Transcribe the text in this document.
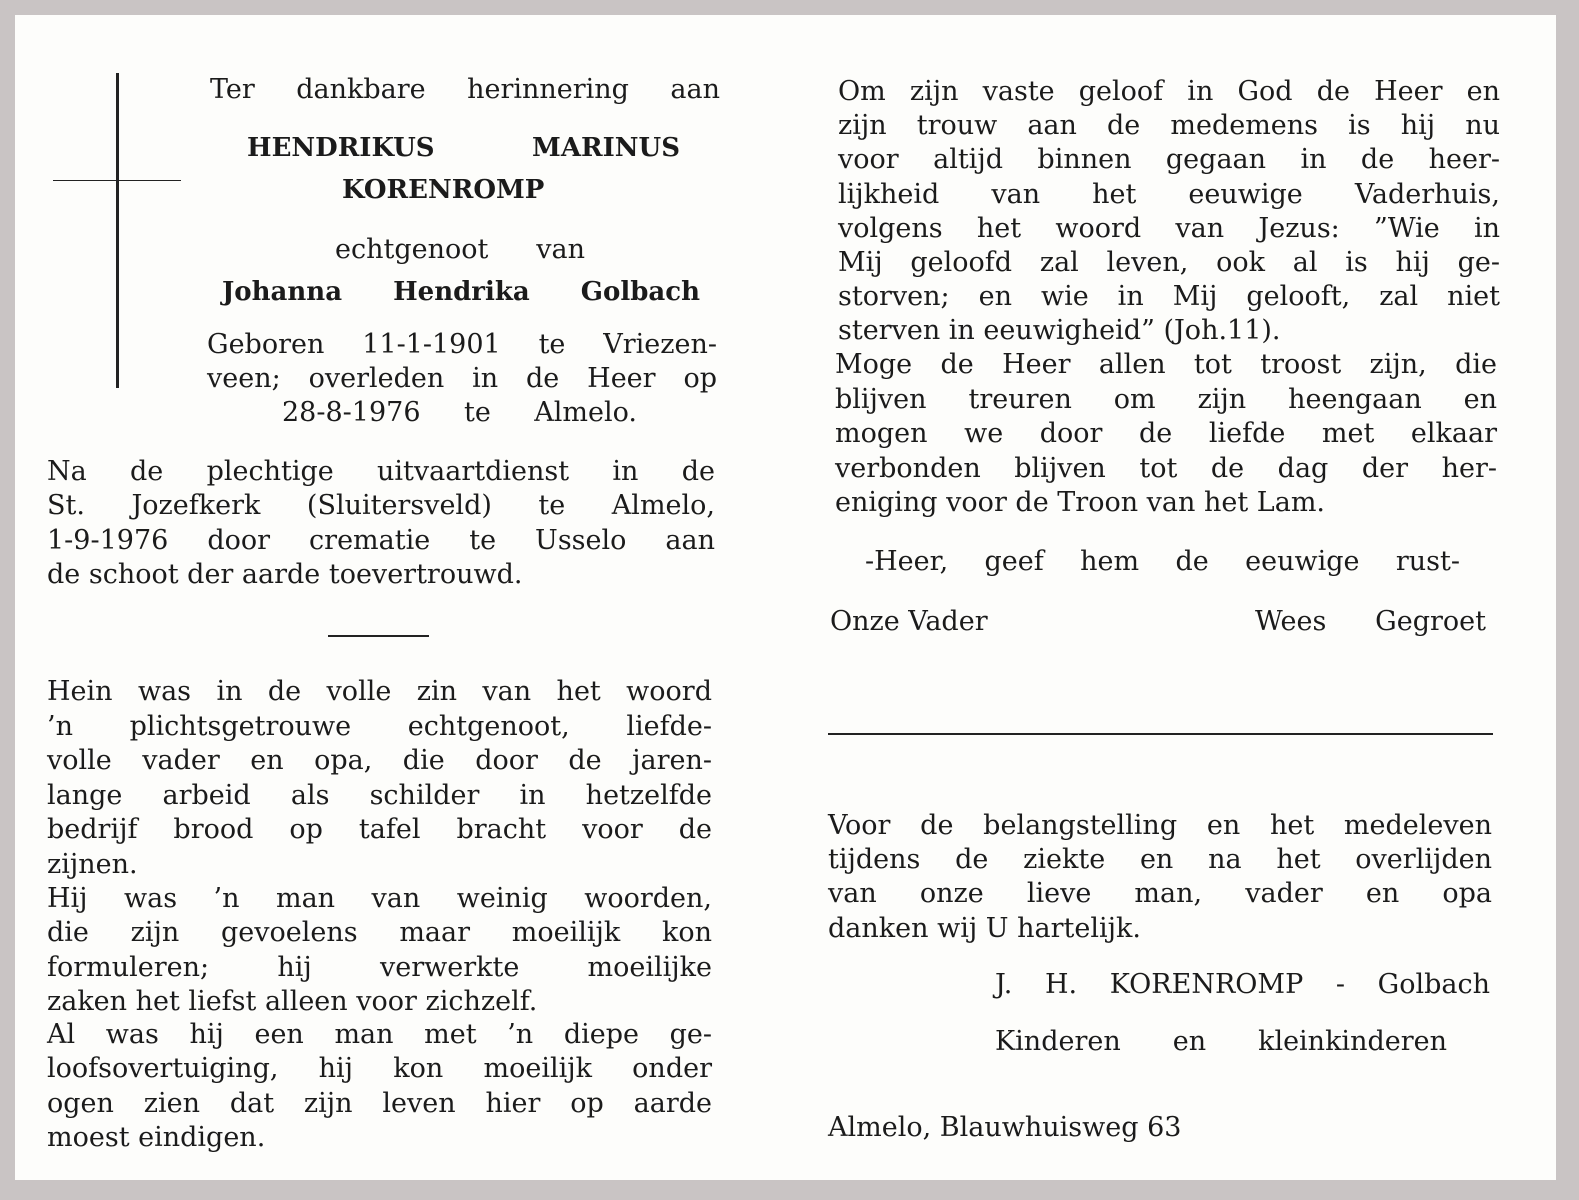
Ter dankbare herinnering aan
HENDRIKUS MARINUS
KORENROMP
echtgenoot van
Johanna Hendrika Golbach
Geboren 11-1-1901 te Vriezen-
veen; overleden in de Heer op
28-8-1976 te Almelo.
Na de plechtige uitvaartdienst in de
St. Jozefkerk (Sluitersveld) te Almelo,
1-9-1976 door crematie te Usselo aan
de schoot der aarde toevertrouwd.
Hein was in de volle zin van het woord
’n plichtsgetrouwe echtgenoot, liefde-
volle vader en opa, die door de jaren-
lange arbeid als schilder in hetzelfde
bedrijf brood op tafel bracht voor de
zijnen.
Hij was ’n man van weinig woorden,
die zijn gevoelens maar moeilijk kon
formuleren; hij verwerkte moeilijke
zaken het liefst alleen voor zichzelf.
Al was hij een man met ’n diepe ge-
loofsovertuiging, hij kon moeilijk onder
ogen zien dat zijn leven hier op aarde
moest eindigen.
Om zijn vaste geloof in God de Heer en
zijn trouw aan de medemens is hij nu
voor altijd binnen gegaan in de heer-
lijkheid van het eeuwige Vaderhuis,
volgens het woord van Jezus: ”Wie in
Mij geloofd zal leven, ook al is hij ge-
storven; en wie in Mij gelooft, zal niet
sterven in eeuwigheid” (Joh.11).
Moge de Heer allen tot troost zijn, die
blijven treuren om zijn heengaan en
mogen we door de liefde met elkaar
verbonden blijven tot de dag der her-
eniging voor de Troon van het Lam.
-Heer, geef hem de eeuwige rust-
Onze Vader	Wees Gegroet
Voor de belangstelling en het medeleven
tijdens de ziekte en na het overlijden
van onze lieve man, vader en opa
danken wij U hartelijk.
J. H. KORENROMP - Golbach
Kinderen en kleinkinderen
Almelo, Blauwhuisweg 63
